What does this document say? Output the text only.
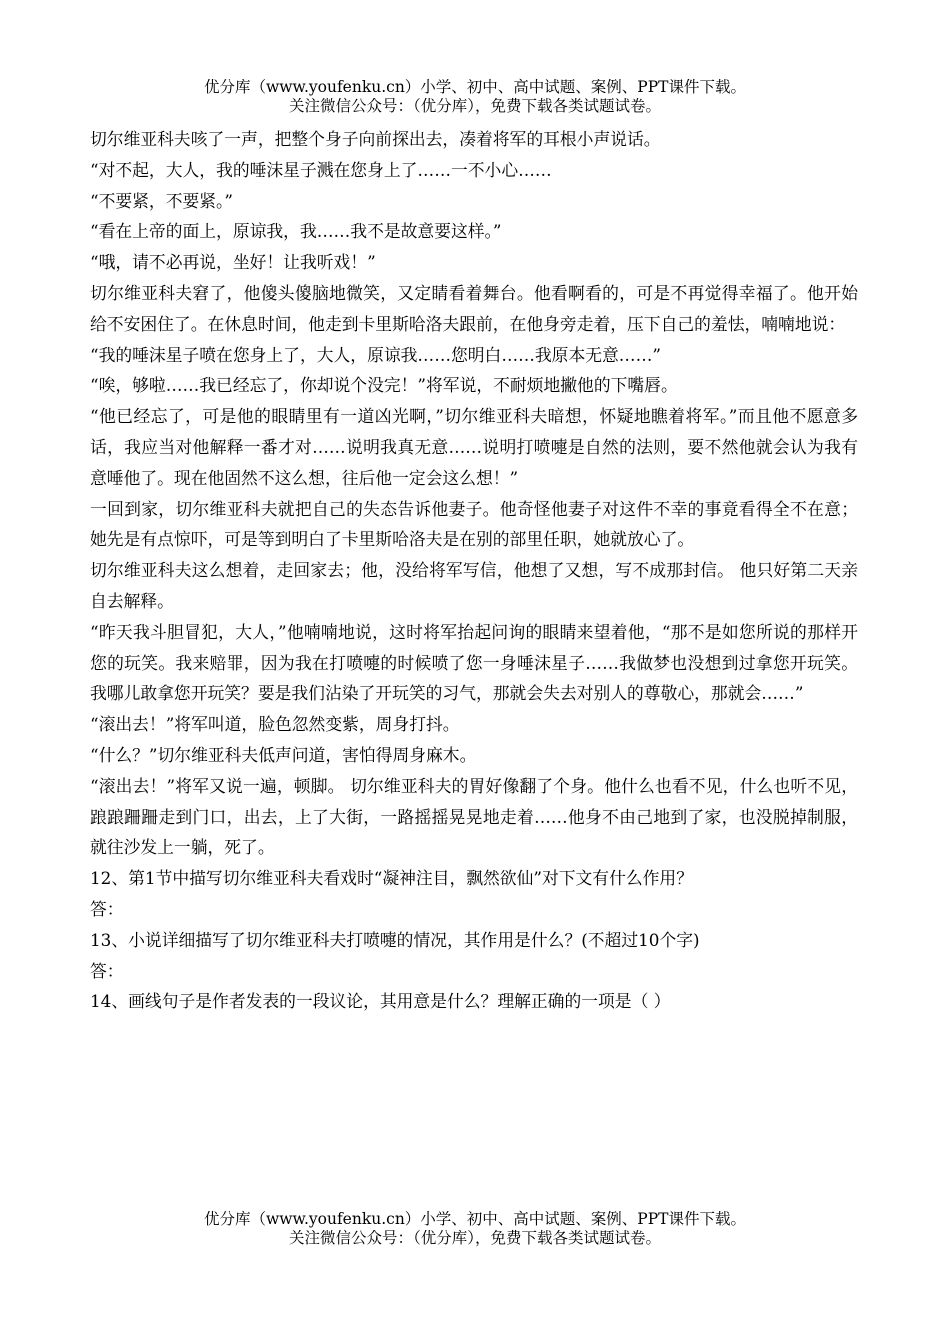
优分库（www.youfenku.cn）小学、初中、高中试题、案例、PPT课件下载。
关注微信公众号：（优分库），免费下载各类试题试卷。

切尔维亚科夫咳了一声，把整个身子向前探出去，凑着将军的耳根小声说话。

“对不起，大人，我的唾沫星子溅在您身上了……一不小心……

“不要紧，不要紧。”

“看在上帝的面上，原谅我，我……我不是故意要这样。”

“哦，请不必再说，坐好！让我听戏！”

切尔维亚科夫窘了，他傻头傻脑地微笑，又定睛看着舞台。他看啊看的，可是不再觉得幸福了。他开始给不安困住了。在休息时间，他走到卡里斯哈洛夫跟前，在他身旁走着，压下自己的羞怯，喃喃地说：

“我的唾沫星子喷在您身上了，大人，原谅我……您明白……我原本无意……”

“唉，够啦……我已经忘了，你却说个没完！”将军说，不耐烦地撇他的下嘴唇。

“他已经忘了，可是他的眼睛里有一道凶光啊，”切尔维亚科夫暗想，怀疑地瞧着将军。”而且他不愿意多话，我应当对他解释一番才对……说明我真无意……说明打喷嚏是自然的法则，要不然他就会认为我有意唾他了。现在他固然不这么想，往后他一定会这么想！”

一回到家，切尔维亚科夫就把自己的失态告诉他妻子。他奇怪他妻子对这件不幸的事竟看得全不在意；她先是有点惊吓，可是等到明白了卡里斯哈洛夫是在别的部里任职，她就放心了。

切尔维亚科夫这么想着，走回家去；他，没给将军写信，他想了又想，写不成那封信。 他只好第二天亲自去解释。

“昨天我斗胆冒犯，大人，”他喃喃地说，这时将军抬起问询的眼睛来望着他，“那不是如您所说的那样开您的玩笑。我来赔罪，因为我在打喷嚏的时候喷了您一身唾沫星子……我做梦也没想到过拿您开玩笑。我哪儿敢拿您开玩笑？要是我们沾染了开玩笑的习气，那就会失去对别人的尊敬心，那就会……”

“滚出去！”将军叫道，脸色忽然变紫，周身打抖。

“什么？”切尔维亚科夫低声问道，害怕得周身麻木。

“滚出去！”将军又说一遍，顿脚。 切尔维亚科夫的胃好像翻了个身。他什么也看不见，什么也听不见，踉踉跚跚走到门口，出去，上了大街，一路摇摇晃晃地走着……他身不由己地到了家，也没脱掉制服，就往沙发上一躺，死了。

12、第1节中描写切尔维亚科夫看戏时“凝神注目，飘然欲仙”对下文有什么作用？

答：

13、小说详细描写了切尔维亚科夫打喷嚏的情况，其作用是什么？(不超过10个字)

答：

14、画线句子是作者发表的一段议论，其用意是什么？理解正确的一项是（ ）

优分库（www.youfenku.cn）小学、初中、高中试题、案例、PPT课件下载。
关注微信公众号：（优分库），免费下载各类试题试卷。
